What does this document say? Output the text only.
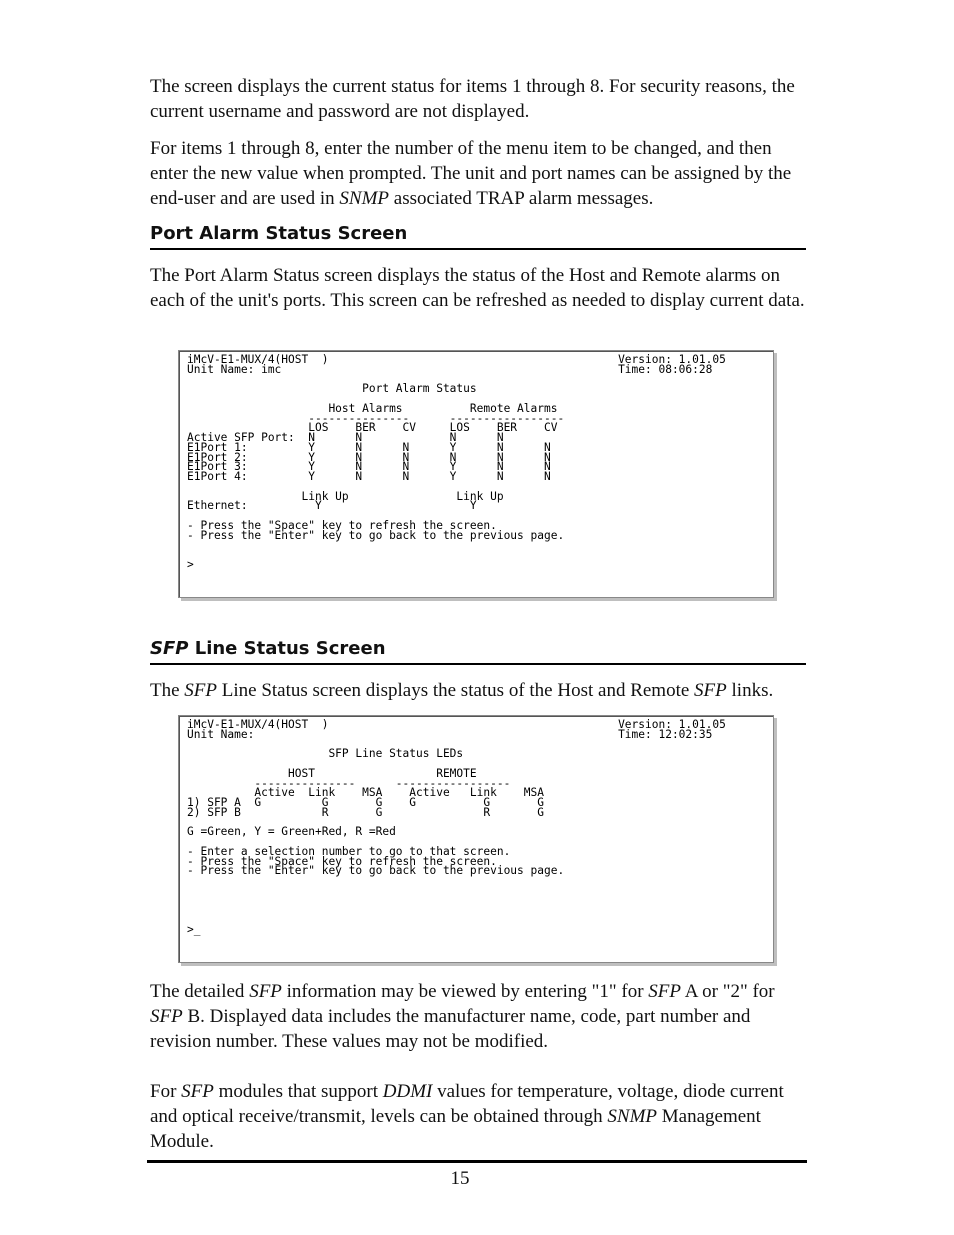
The screen displays the current status for items 1 through 8. For security reasons, the current username and password are not displayed.

For items 1 through 8, enter the number of the menu item to be changed, and then enter the new value when prompted. The unit and port names can be assigned by the end-user and are used in SNMP associated TRAP alarm messages.

Port Alarm Status Screen

The Port Alarm Status screen displays the status of the Host and Remote alarms on each of the unit's ports. This screen can be refreshed as needed to display current data.

iMcV-E1-MUX/4(HOST  )                                           Version: 1.01.05
Unit Name: imc                                                  Time: 08:06:28

Port Alarm Status

Host Alarms          Remote Alarms
---------------      -----------------
LOS    BER    CV     LOS    BER    CV
Active SFP Port:  N      N             N      N
E1Port 1:         Y      N      N      Y      N      N
E1Port 2:         Y      N      N      N      N      N
E1Port 3:         Y      N      N      Y      N      N
E1Port 4:         Y      N      N      Y      N      N

Link Up                Link Up
Ethernet:          Y                      Y

- Press the "Space" key to refresh the screen.
- Press the "Enter" key to go back to the previous page.

>
SFP Line Status Screen

The SFP Line Status screen displays the status of the Host and Remote SFP links.

iMcV-E1-MUX/4(HOST  )                                           Version: 1.01.05
Unit Name:                                                      Time: 12:02:35

SFP Line Status LEDs

HOST                  REMOTE
---------------      -----------------
Active  Link    MSA    Active   Link    MSA
1) SFP A  G         G       G    G          G       G
2) SFP B            R       G               R       G

G =Green, Y = Green+Red, R =Red

- Enter a selection number to go to that screen.
- Press the "Space" key to refresh the screen.
- Press the "Enter" key to go back to the previous page.

>_

The detailed SFP information may be viewed by entering "1" for SFP A or "2" for SFP B. Displayed data includes the manufacturer name, code, part number and revision number. These values may not be modified.

For SFP modules that support DDMI values for temperature, voltage, diode current and optical receive/transmit, levels can be obtained through SNMP Management Module.

15
